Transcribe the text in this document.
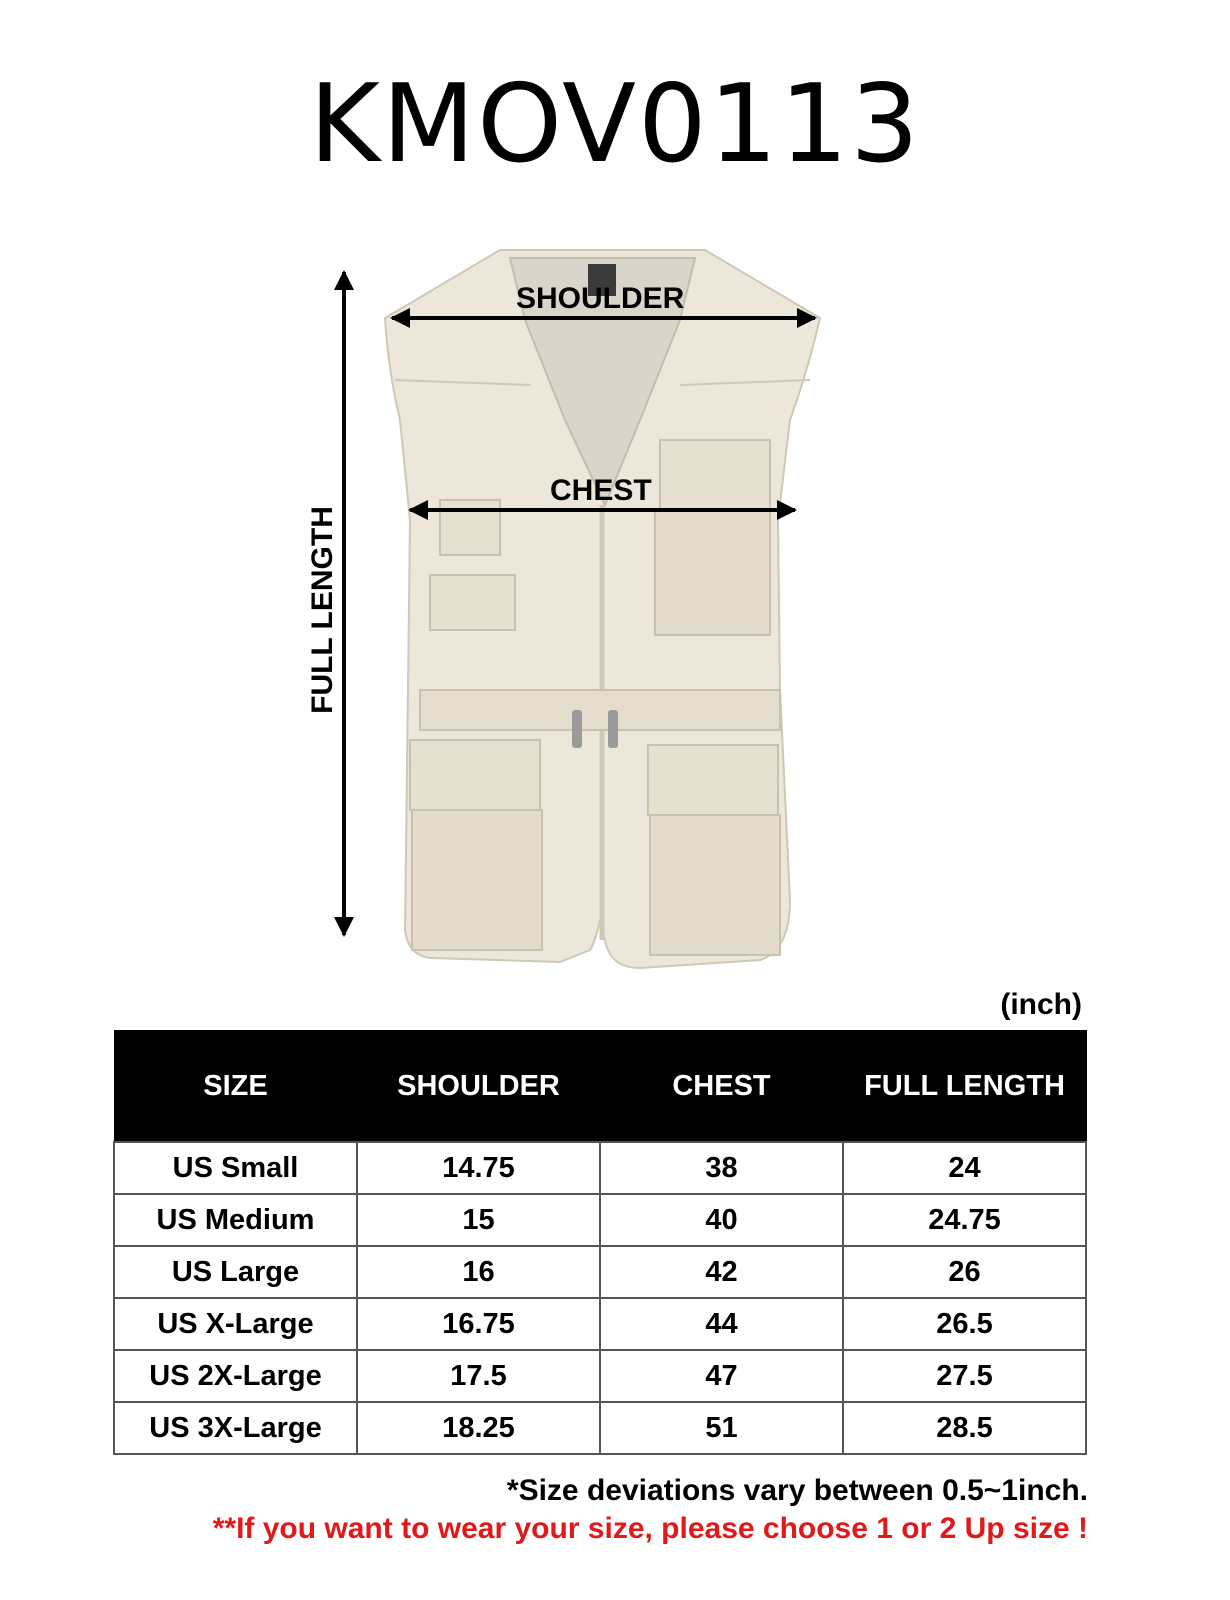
KMOV0113
SHOULDER
CHEST
FULL LENGTH
(inch)
SIZE	SHOULDER	CHEST	FULL LENGTH
US Small	14.75	38	24
US Medium	15	40	24.75
US Large	16	42	26
US X-Large	16.75	44	26.5
US 2X-Large	17.5	47	27.5
US 3X-Large	18.25	51	28.5
*Size deviations vary between 0.5~1inch.
**If you want to wear your size, please choose 1 or 2 Up size !
